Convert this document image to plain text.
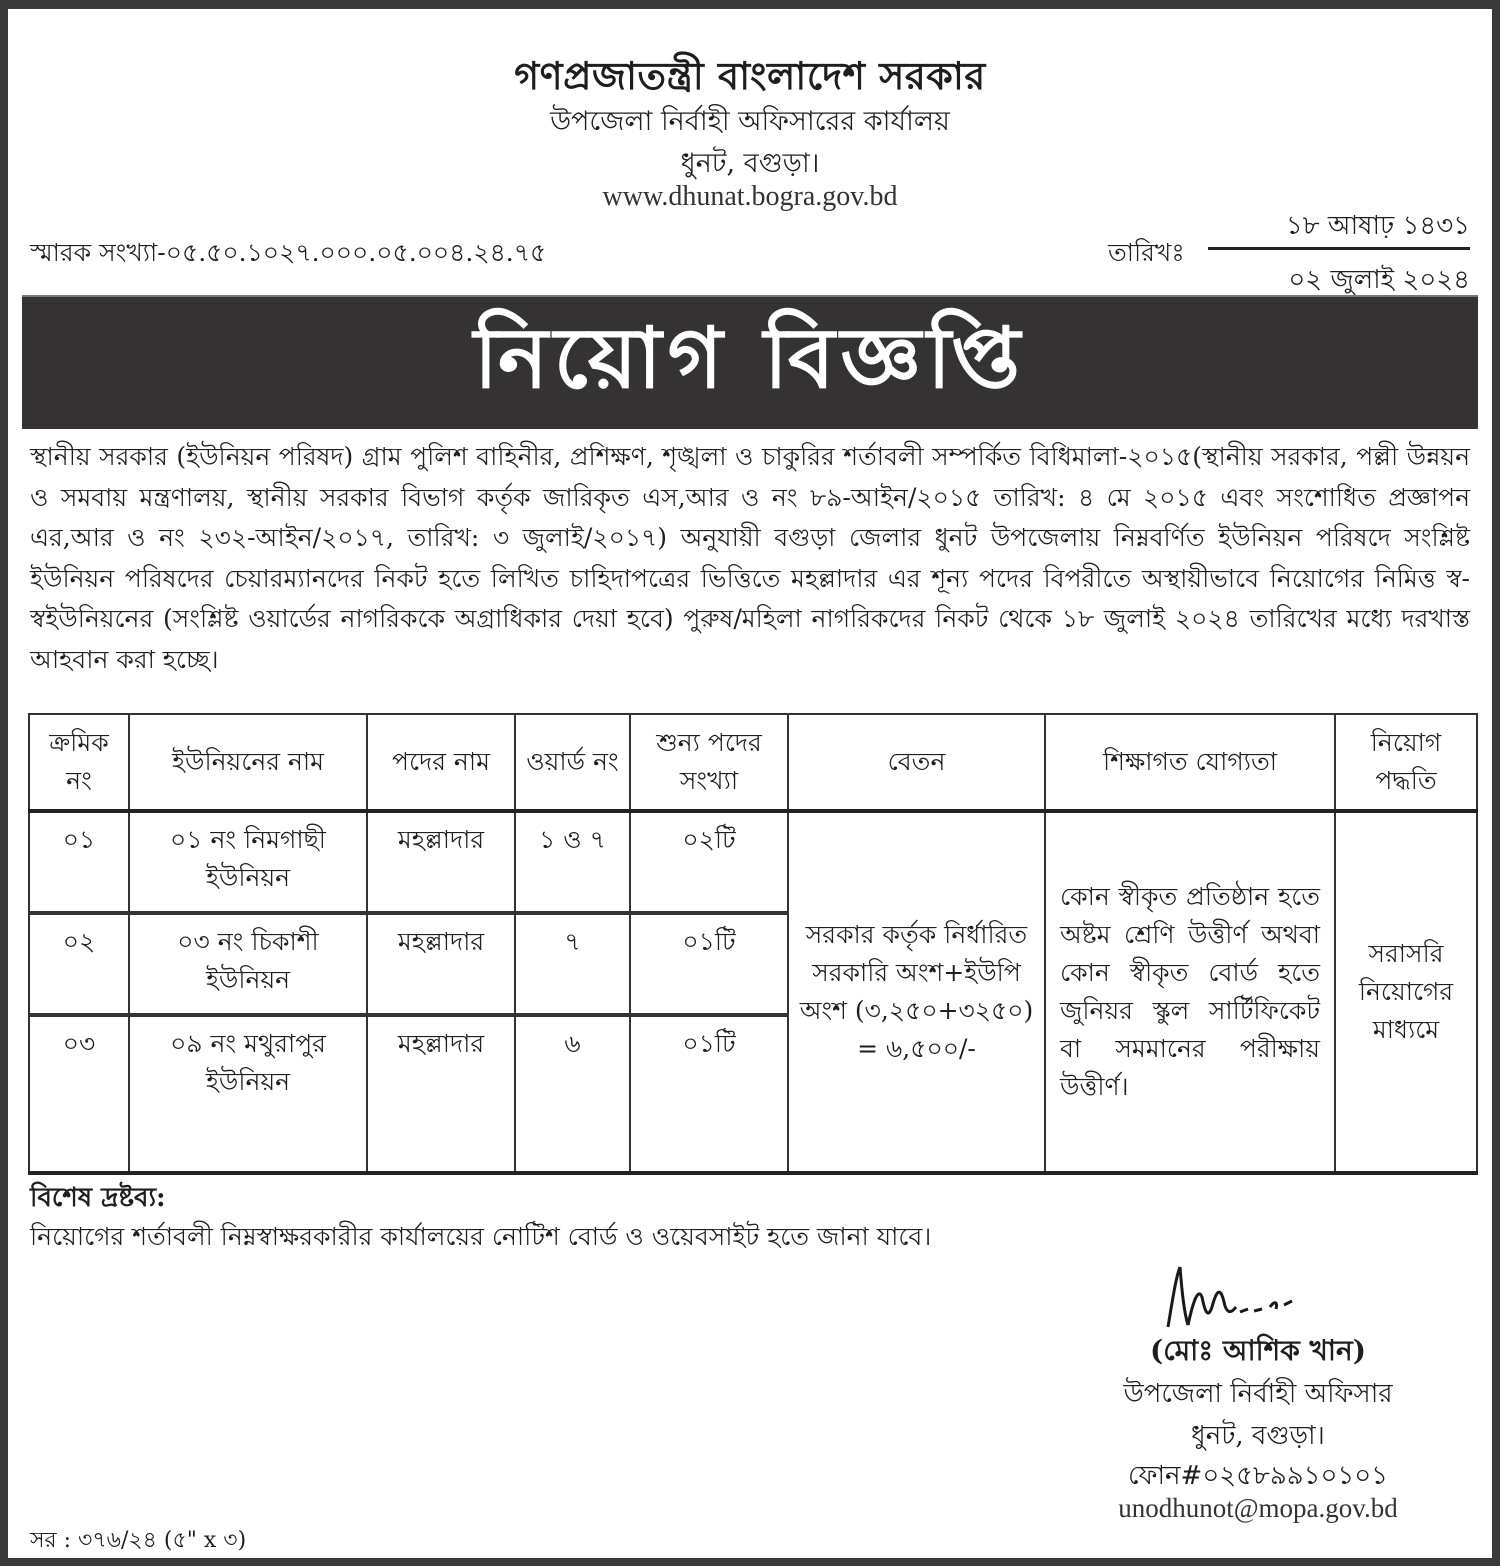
গণপ্রজাতন্ত্রী বাংলাদেশ সরকার
উপজেলা নির্বাহী অফিসারের কার্যালয়
ধুনট, বগুড়া।
www.dhunat.bogra.gov.bd
স্মারক সংখ্যা-০৫.৫০.১০২৭.০০০.০৫.০০৪.২৪.৭৫	তারিখঃ
১৮ আষাঢ় ১৪৩১
০২ জুলাই ২০২৪
নিয়োগ বিজ্ঞপ্তি
স্থানীয় সরকার (ইউনিয়ন পরিষদ) গ্রাম পুলিশ বাহিনীর, প্রশিক্ষণ, শৃঙ্খলা ও চাকুরির শর্তাবলী সম্পর্কিত বিধিমালা-২০১৫(স্থানীয় সরকার, পল্লী উন্নয়ন ও সমবায় মন্ত্রণালয়, স্থানীয় সরকার বিভাগ কর্তৃক জারিকৃত এস,আর ও নং ৮৯-আইন/২০১৫ তারিখ: ৪ মে ২০১৫ এবং সংশোধিত প্রজ্ঞাপন এর,আর ও নং ২৩২-আইন/২০১৭, তারিখ: ৩ জুলাই/২০১৭) অনুযায়ী বগুড়া জেলার ধুনট উপজেলায় নিম্নবর্ণিত ইউনিয়ন পরিষদে সংশ্লিষ্ট ইউনিয়ন পরিষদের চেয়ারম্যানদের নিকট হতে লিখিত চাহিদাপত্রের ভিত্তিতে মহল্লাদার এর শূন্য পদের বিপরীতে অস্থায়ীভাবে নিয়োগের নিমিত্ত স্ব-স্বইউনিয়নের (সংশ্লিষ্ট ওয়ার্ডের নাগরিককে অগ্রাধিকার দেয়া হবে) পুরুষ/মহিলা নাগরিকদের নিকট থেকে ১৮ জুলাই ২০২৪ তারিখের মধ্যে দরখাস্ত আহবান করা হচ্ছে।
ক্রমিক নং	ইউনিয়নের নাম	পদের নাম	ওয়ার্ড নং	শুন্য পদের সংখ্যা	বেতন	শিক্ষাগত যোগ্যতা	নিয়োগ পদ্ধতি
০১	০১ নং নিমগাছী ইউনিয়ন	মহল্লাদার	১ ও ৭	০২টি	সরকার কর্তৃক নির্ধারিত সরকারি অংশ+ইউপি অংশ (৩,২৫০+৩২৫০) = ৬,৫০০/-	কোন স্বীকৃত প্রতিষ্ঠান হতে অষ্টম শ্রেণি উত্তীর্ণ অথবা কোন স্বীকৃত বোর্ড হতে জুনিয়র স্কুল সার্টিফিকেট বা সমমানের পরীক্ষায় উত্তীর্ণ।	সরাসরি নিয়োগের মাধ্যমে
০২	০৩ নং চিকাশী ইউনিয়ন	মহল্লাদার	৭	০১টি			
০৩	০৯ নং মথুরাপুর ইউনিয়ন	মহল্লাদার	৬	০১টি			
বিশেষ দ্রষ্টব্য:
নিয়োগের শর্তাবলী নিম্নস্বাক্ষরকারীর কার্যালয়ের নোটিশ বোর্ড ও ওয়েবসাইট হতে জানা যাবে।
(মোঃ আশিক খান)
উপজেলা নির্বাহী অফিসার
ধুনট, বগুড়া।
ফোন#০২৫৮৯৯১০১০১
unodhunot@mopa.gov.bd
সর : ৩৭৬/২৪ (৫" x ৩)
